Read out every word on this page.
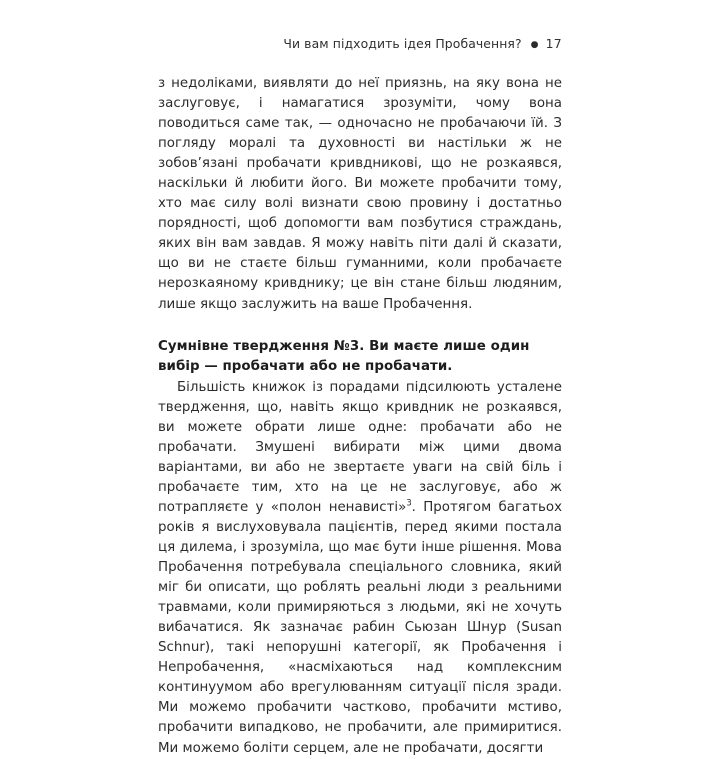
Чи вам підходить ідея Пробачення? ● 17

з недоліками, виявляти до неї приязнь, на яку вона не заслуговує, і намагатися зрозуміти, чому вона поводиться саме так, — одночасно не пробачаючи їй. З погляду моралі та духовності ви настільки ж не зобов’язані пробачати кривдникові, що не розкаявся, наскільки й любити його. Ви можете пробачити тому, хто має силу волі визнати свою провину і достатньо порядності, щоб допомогти вам позбутися страждань, яких він вам завдав. Я можу навіть піти далі й сказати, що ви не стаєте більш гуманними, коли пробачаєте нерозкаяному кривднику; це він стане більш людяним, лише якщо заслужить на ваше Пробачення.

Сумнівне твердження №3. Ви маєте лише один вибір — пробачати або не пробачати.

Більшість книжок із порадами підсилюють усталене твердження, що, навіть якщо кривдник не розкаявся, ви можете обрати лише одне: пробачати або не пробачати. Змушені вибирати між цими двома варіантами, ви або не звертаєте уваги на свій біль і пробачаєте тим, хто на це не заслуговує, або ж потрапляєте у «полон ненависті»$^3$. Протягом багатьох років я вислуховувала пацієнтів, перед якими постала ця дилема, і зрозуміла, що має бути інше рішення. Мова Пробачення потребувала спеціального словника, який міг би описати, що роблять реальні люди з реальними травмами, коли примиряються з людьми, які не хочуть вибачатися. Як зазначає рабин Сьюзан Шнур (Susan Schnur), такі непорушні категорії, як Пробачення і Непробачення, «насміхаються над комплексним континуумом або врегулюванням ситуації після зради. Ми можемо пробачити частково, пробачити мстиво, пробачити випадково, не пробачити, але примиритися. Ми можемо боліти серцем, але не пробачати, досягти
